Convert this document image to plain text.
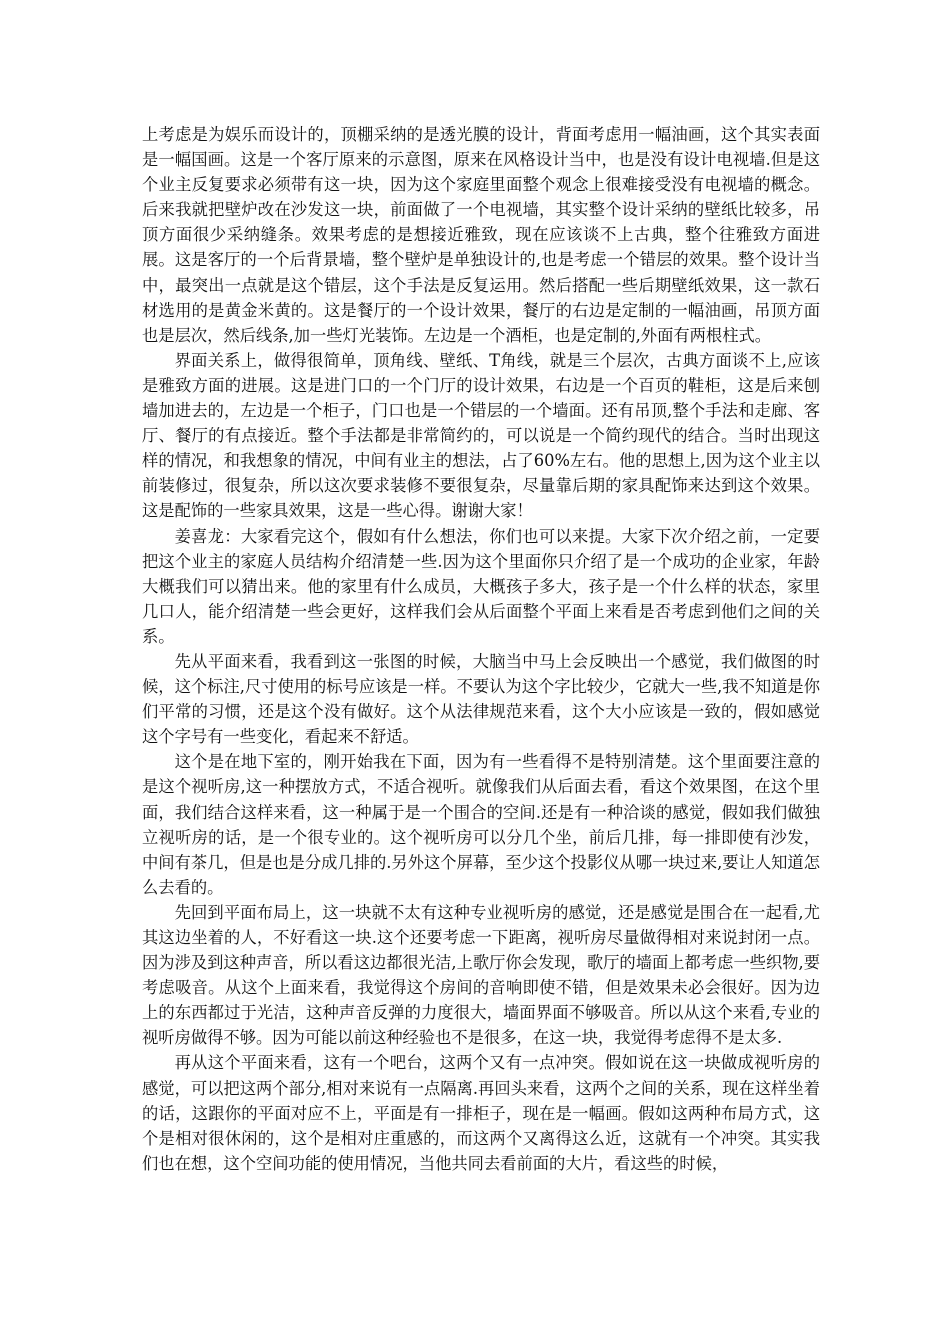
上考虑是为娱乐而设计的，顶棚采纳的是透光膜的设计，背面考虑用一幅油画，这个其实表面是一幅国画。这是一个客厅原来的示意图，原来在风格设计当中，也是没有设计电视墙.但是这个业主反复要求必须带有这一块，因为这个家庭里面整个观念上很难接受没有电视墙的概念。后来我就把壁炉改在沙发这一块，前面做了一个电视墙，其实整个设计采纳的壁纸比较多，吊顶方面很少采纳缝条。效果考虑的是想接近雅致，现在应该谈不上古典，整个往雅致方面进展。这是客厅的一个后背景墙，整个壁炉是单独设计的,也是考虑一个错层的效果。整个设计当中，最突出一点就是这个错层，这个手法是反复运用。然后搭配一些后期壁纸效果，这一款石材选用的是黄金米黄的。这是餐厅的一个设计效果，餐厅的右边是定制的一幅油画，吊顶方面也是层次，然后线条,加一些灯光装饰。左边是一个酒柜，也是定制的,外面有两根柱式。

界面关系上，做得很简单，顶角线、壁纸、T角线，就是三个层次，古典方面谈不上,应该是雅致方面的进展。这是进门口的一个门厅的设计效果，右边是一个百页的鞋柜，这是后来刨墙加进去的，左边是一个柜子，门口也是一个错层的一个墙面。还有吊顶,整个手法和走廊、客厅、餐厅的有点接近。整个手法都是非常简约的，可以说是一个简约现代的结合。当时出现这样的情况，和我想象的情况，中间有业主的想法，占了60%左右。他的思想上,因为这个业主以前装修过，很复杂，所以这次要求装修不要很复杂，尽量靠后期的家具配饰来达到这个效果。这是配饰的一些家具效果，这是一些心得。谢谢大家！

姜喜龙：大家看完这个，假如有什么想法，你们也可以来提。大家下次介绍之前，一定要把这个业主的家庭人员结构介绍清楚一些.因为这个里面你只介绍了是一个成功的企业家，年龄大概我们可以猜出来。他的家里有什么成员，大概孩子多大，孩子是一个什么样的状态，家里几口人，能介绍清楚一些会更好，这样我们会从后面整个平面上来看是否考虑到他们之间的关系。

先从平面来看，我看到这一张图的时候，大脑当中马上会反映出一个感觉，我们做图的时候，这个标注,尺寸使用的标号应该是一样。不要认为这个字比较少，它就大一些,我不知道是你们平常的习惯，还是这个没有做好。这个从法律规范来看，这个大小应该是一致的，假如感觉这个字号有一些变化，看起来不舒适。

这个是在地下室的，刚开始我在下面，因为有一些看得不是特别清楚。这个里面要注意的是这个视听房,这一种摆放方式，不适合视听。就像我们从后面去看，看这个效果图，在这个里面，我们结合这样来看，这一种属于是一个围合的空间.还是有一种洽谈的感觉，假如我们做独立视听房的话，是一个很专业的。这个视听房可以分几个坐，前后几排，每一排即使有沙发，中间有茶几，但是也是分成几排的.另外这个屏幕，至少这个投影仪从哪一块过来,要让人知道怎么去看的。

先回到平面布局上，这一块就不太有这种专业视听房的感觉，还是感觉是围合在一起看,尤其这边坐着的人，不好看这一块.这个还要考虑一下距离，视听房尽量做得相对来说封闭一点。因为涉及到这种声音，所以看这边都很光洁,上歌厅你会发现，歌厅的墙面上都考虑一些织物,要考虑吸音。从这个上面来看，我觉得这个房间的音响即使不错，但是效果未必会很好。因为边上的东西都过于光洁，这种声音反弹的力度很大，墙面界面不够吸音。所以从这个来看,专业的视听房做得不够。因为可能以前这种经验也不是很多，在这一块，我觉得考虑得不是太多.

再从这个平面来看，这有一个吧台，这两个又有一点冲突。假如说在这一块做成视听房的感觉，可以把这两个部分,相对来说有一点隔离.再回头来看，这两个之间的关系，现在这样坐着的话，这跟你的平面对应不上，平面是有一排柜子，现在是一幅画。假如这两种布局方式，这个是相对很休闲的，这个是相对庄重感的，而这两个又离得这么近，这就有一个冲突。其实我们也在想，这个空间功能的使用情况，当他共同去看前面的大片，看这些的时候，
